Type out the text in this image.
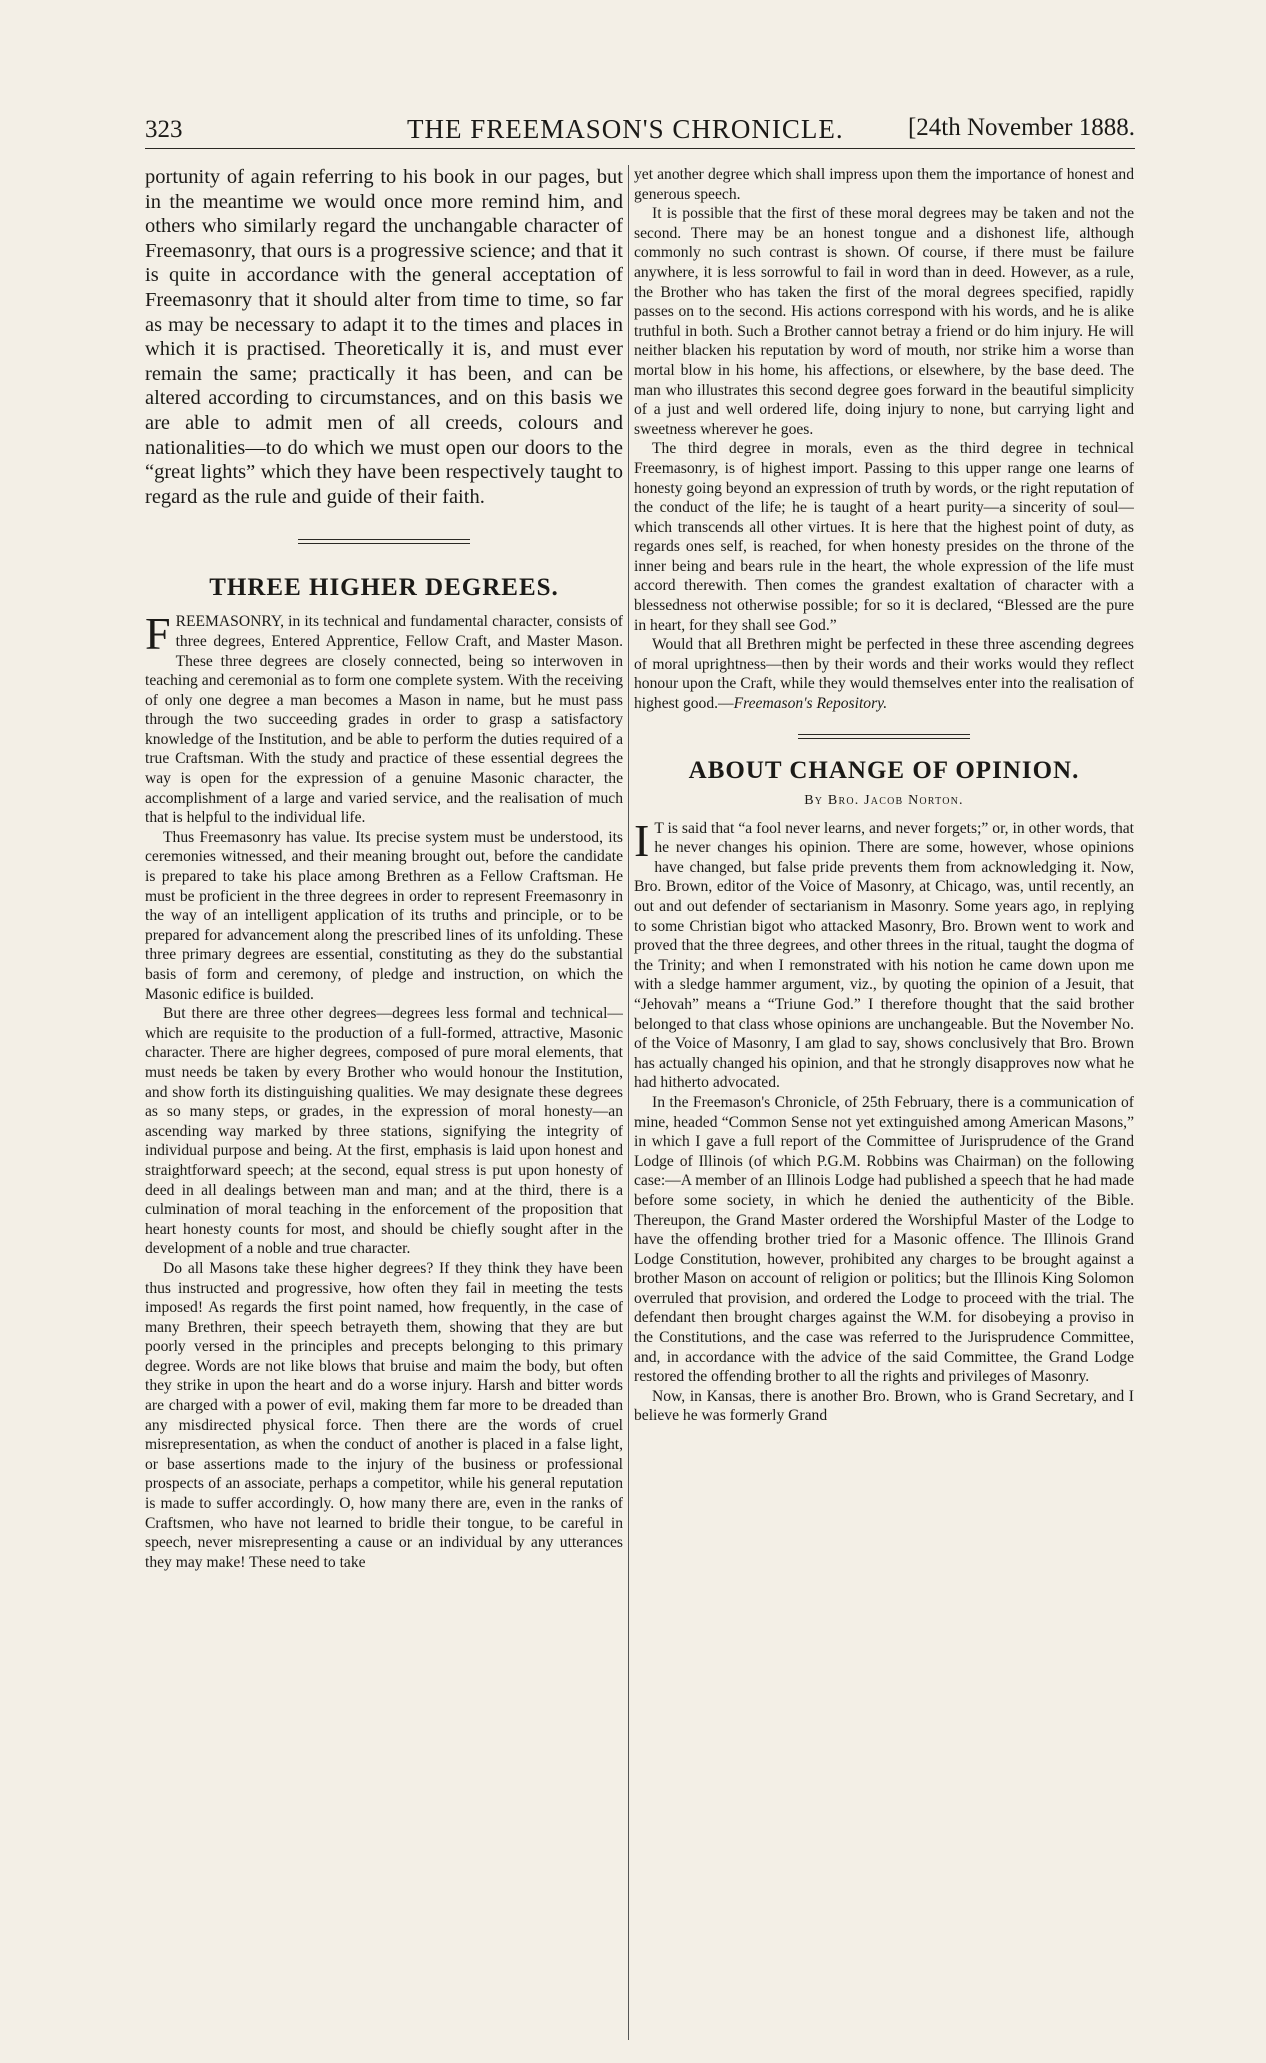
323	THE FREEMASON'S CHRONICLE.	[24th November 1888.

portunity of again referring to his book in our pages, but in the meantime we would once more remind him, and others who similarly regard the unchangable character of Freemasonry, that ours is a progressive science; and that it is quite in accordance with the general acceptation of Freemasonry that it should alter from time to time, so far as may be necessary to adapt it to the times and places in which it is practised. Theoretically it is, and must ever remain the same; practically it has been, and can be altered according to circumstances, and on this basis we are able to admit men of all creeds, colours and nationalities—to do which we must open our doors to the “great lights” which they have been respectively taught to regard as the rule and guide of their faith.

THREE HIGHER DEGREES.

FREEMASONRY, in its technical and fundamental character, consists of three degrees, Entered Apprentice, Fellow Craft, and Master Mason. These three degrees are closely connected, being so interwoven in teaching and ceremonial as to form one complete system. With the receiving of only one degree a man becomes a Mason in name, but he must pass through the two succeeding grades in order to grasp a satisfactory knowledge of the Institution, and be able to perform the duties required of a true Craftsman. With the study and practice of these essential degrees the way is open for the expression of a genuine Masonic character, the accomplishment of a large and varied service, and the realisation of much that is helpful to the individual life.

Thus Freemasonry has value. Its precise system must be understood, its ceremonies witnessed, and their meaning brought out, before the candidate is prepared to take his place among Brethren as a Fellow Craftsman. He must be proficient in the three degrees in order to represent Freemasonry in the way of an intelligent application of its truths and principle, or to be prepared for advancement along the prescribed lines of its unfolding. These three primary degrees are essential, constituting as they do the substantial basis of form and ceremony, of pledge and instruction, on which the Masonic edifice is builded.

But there are three other degrees—degrees less formal and technical—which are requisite to the production of a full-formed, attractive, Masonic character. There are higher degrees, composed of pure moral elements, that must needs be taken by every Brother who would honour the Institution, and show forth its distinguishing qualities. We may designate these degrees as so many steps, or grades, in the expression of moral honesty—an ascending way marked by three stations, signifying the integrity of individual purpose and being. At the first, emphasis is laid upon honest and straightforward speech; at the second, equal stress is put upon honesty of deed in all dealings between man and man; and at the third, there is a culmination of moral teaching in the enforcement of the proposition that heart honesty counts for most, and should be chiefly sought after in the development of a noble and true character.

Do all Masons take these higher degrees? If they think they have been thus instructed and progressive, how often they fail in meeting the tests imposed! As regards the first point named, how frequently, in the case of many Brethren, their speech betrayeth them, showing that they are but poorly versed in the principles and precepts belonging to this primary degree. Words are not like blows that bruise and maim the body, but often they strike in upon the heart and do a worse injury. Harsh and bitter words are charged with a power of evil, making them far more to be dreaded than any misdirected physical force. Then there are the words of cruel misrepresentation, as when the conduct of another is placed in a false light, or base assertions made to the injury of the business or professional prospects of an associate, perhaps a competitor, while his general reputation is made to suffer accordingly. O, how many there are, even in the ranks of Craftsmen, who have not learned to bridle their tongue, to be careful in speech, never misrepresenting a cause or an individual by any utterances they may make! These need to take

yet another degree which shall impress upon them the importance of honest and generous speech.

It is possible that the first of these moral degrees may be taken and not the second. There may be an honest tongue and a dishonest life, although commonly no such contrast is shown. Of course, if there must be failure anywhere, it is less sorrowful to fail in word than in deed. However, as a rule, the Brother who has taken the first of the moral degrees specified, rapidly passes on to the second. His actions correspond with his words, and he is alike truthful in both. Such a Brother cannot betray a friend or do him injury. He will neither blacken his reputation by word of mouth, nor strike him a worse than mortal blow in his home, his affections, or elsewhere, by the base deed. The man who illustrates this second degree goes forward in the beautiful simplicity of a just and well ordered life, doing injury to none, but carrying light and sweetness wherever he goes.

The third degree in morals, even as the third degree in technical Freemasonry, is of highest import. Passing to this upper range one learns of honesty going beyond an expression of truth by words, or the right reputation of the conduct of the life; he is taught of a heart purity—a sincerity of soul—which transcends all other virtues. It is here that the highest point of duty, as regards ones self, is reached, for when honesty presides on the throne of the inner being and bears rule in the heart, the whole expression of the life must accord therewith. Then comes the grandest exaltation of character with a blessedness not otherwise possible; for so it is declared, “Blessed are the pure in heart, for they shall see God.”

Would that all Brethren might be perfected in these three ascending degrees of moral uprightness—then by their words and their works would they reflect honour upon the Craft, while they would themselves enter into the realisation of highest good.—Freemason's Repository.

ABOUT CHANGE OF OPINION.
By Bro. Jacob Norton.

I T is said that “a fool never learns, and never forgets;” or, in other words, that he never changes his opinion. There are some, however, whose opinions have changed, but false pride prevents them from acknowledging it. Now, Bro. Brown, editor of the Voice of Masonry, at Chicago, was, until recently, an out and out defender of sectarianism in Masonry. Some years ago, in replying to some Christian bigot who attacked Masonry, Bro. Brown went to work and proved that the three degrees, and other threes in the ritual, taught the dogma of the Trinity; and when I remonstrated with his notion he came down upon me with a sledge hammer argument, viz., by quoting the opinion of a Jesuit, that “Jehovah” means a “Triune God.” I therefore thought that the said brother belonged to that class whose opinions are unchangeable. But the November No. of the Voice of Masonry, I am glad to say, shows conclusively that Bro. Brown has actually changed his opinion, and that he strongly disapproves now what he had hitherto advocated.

In the Freemason's Chronicle, of 25th February, there is a communication of mine, headed “Common Sense not yet extinguished among American Masons,” in which I gave a full report of the Committee of Jurisprudence of the Grand Lodge of Illinois (of which P.G.M. Robbins was Chairman) on the following case:—A member of an Illinois Lodge had published a speech that he had made before some society, in which he denied the authenticity of the Bible. Thereupon, the Grand Master ordered the Worshipful Master of the Lodge to have the offending brother tried for a Masonic offence. The Illinois Grand Lodge Constitution, however, prohibited any charges to be brought against a brother Mason on account of religion or politics; but the Illinois King Solomon overruled that provision, and ordered the Lodge to proceed with the trial. The defendant then brought charges against the W.M. for disobeying a proviso in the Constitutions, and the case was referred to the Jurisprudence Committee, and, in accordance with the advice of the said Committee, the Grand Lodge restored the offending brother to all the rights and privileges of Masonry.

Now, in Kansas, there is another Bro. Brown, who is Grand Secretary, and I believe he was formerly Grand
